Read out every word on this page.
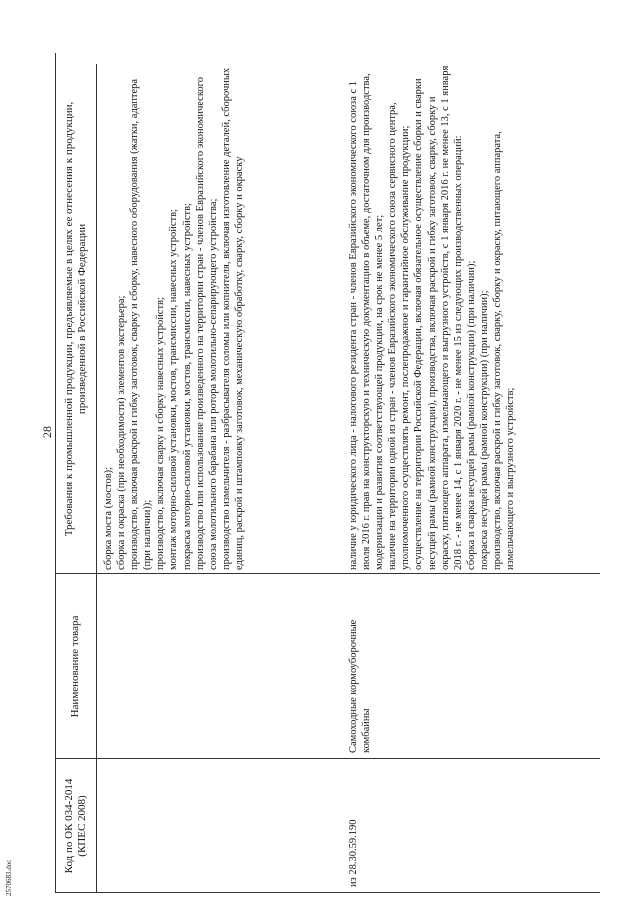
28
2570683.doc
Код по ОК 034-2014 (КПЕС 2008)
Наименование товара
Требования к промышленной продукции, предъявляемые в целях ее отнесения к продукции, произведенной в Российской Федерации

сборка моста (мостов); сборка и окраска (при необходимости) элементов экстерьера; производство, включая раскрой и гибку заготовок, сварку и сборку, навесного оборудования (жатки, адаптера (при наличии)); производство, включая сварку и сборку навесных устройств; монтаж моторно-силовой установки, мостов, трансмиссии, навесных устройств; покраска моторно-силовой установки, мостов, трансмиссии, навесных устройств; производство или использование произведенного на территории стран - членов Евразийского экономического союза молотильного барабана или ротора молотильно-сепарирующего устройства; производство измельчителя - разбрасывателя соломы или копнителя, включая изготовление деталей, сборочных единиц, раскрой и штамповку заготовок, механическую обработку, сварку, сборку и окраску

из 28.30.59.190
Самоходные кормоуборочные комбайны

наличие у юридического лица - налогового резидента стран - членов Евразийского экономического союза с 1 июля 2016 г. прав на конструкторскую и техническую документацию в объеме, достаточном для производства, модернизации и развития соответствующей продукции, на срок не менее 5 лет; наличие на территории одной из стран - членов Евразийского экономического союза сервисного центра, уполномоченного осуществлять ремонт, послепродажное и гарантийное обслуживание продукции; осуществление на территории Российской Федерации, включая обязательное осуществление сборки и сварки несущей рамы (рамной конструкции), производства, включая раскрой и гибку заготовок, сварку, сборку и окраску, питающего аппарата, измельчающего и выгрузного устройств, с 1 января 2016 г. не менее 13, с 1 января 2018 г. - не менее 14, с 1 января 2020 г. - не менее 15 из следующих производственных операций: сборка и сварка несущей рамы (рамной конструкции) (при наличии); покраска несущей рамы (рамной конструкции) (при наличии); производство, включая раскрой и гибку заготовок, сварку, сборку и окраску, питающего аппарата, измельчающего и выгрузного устройств;
